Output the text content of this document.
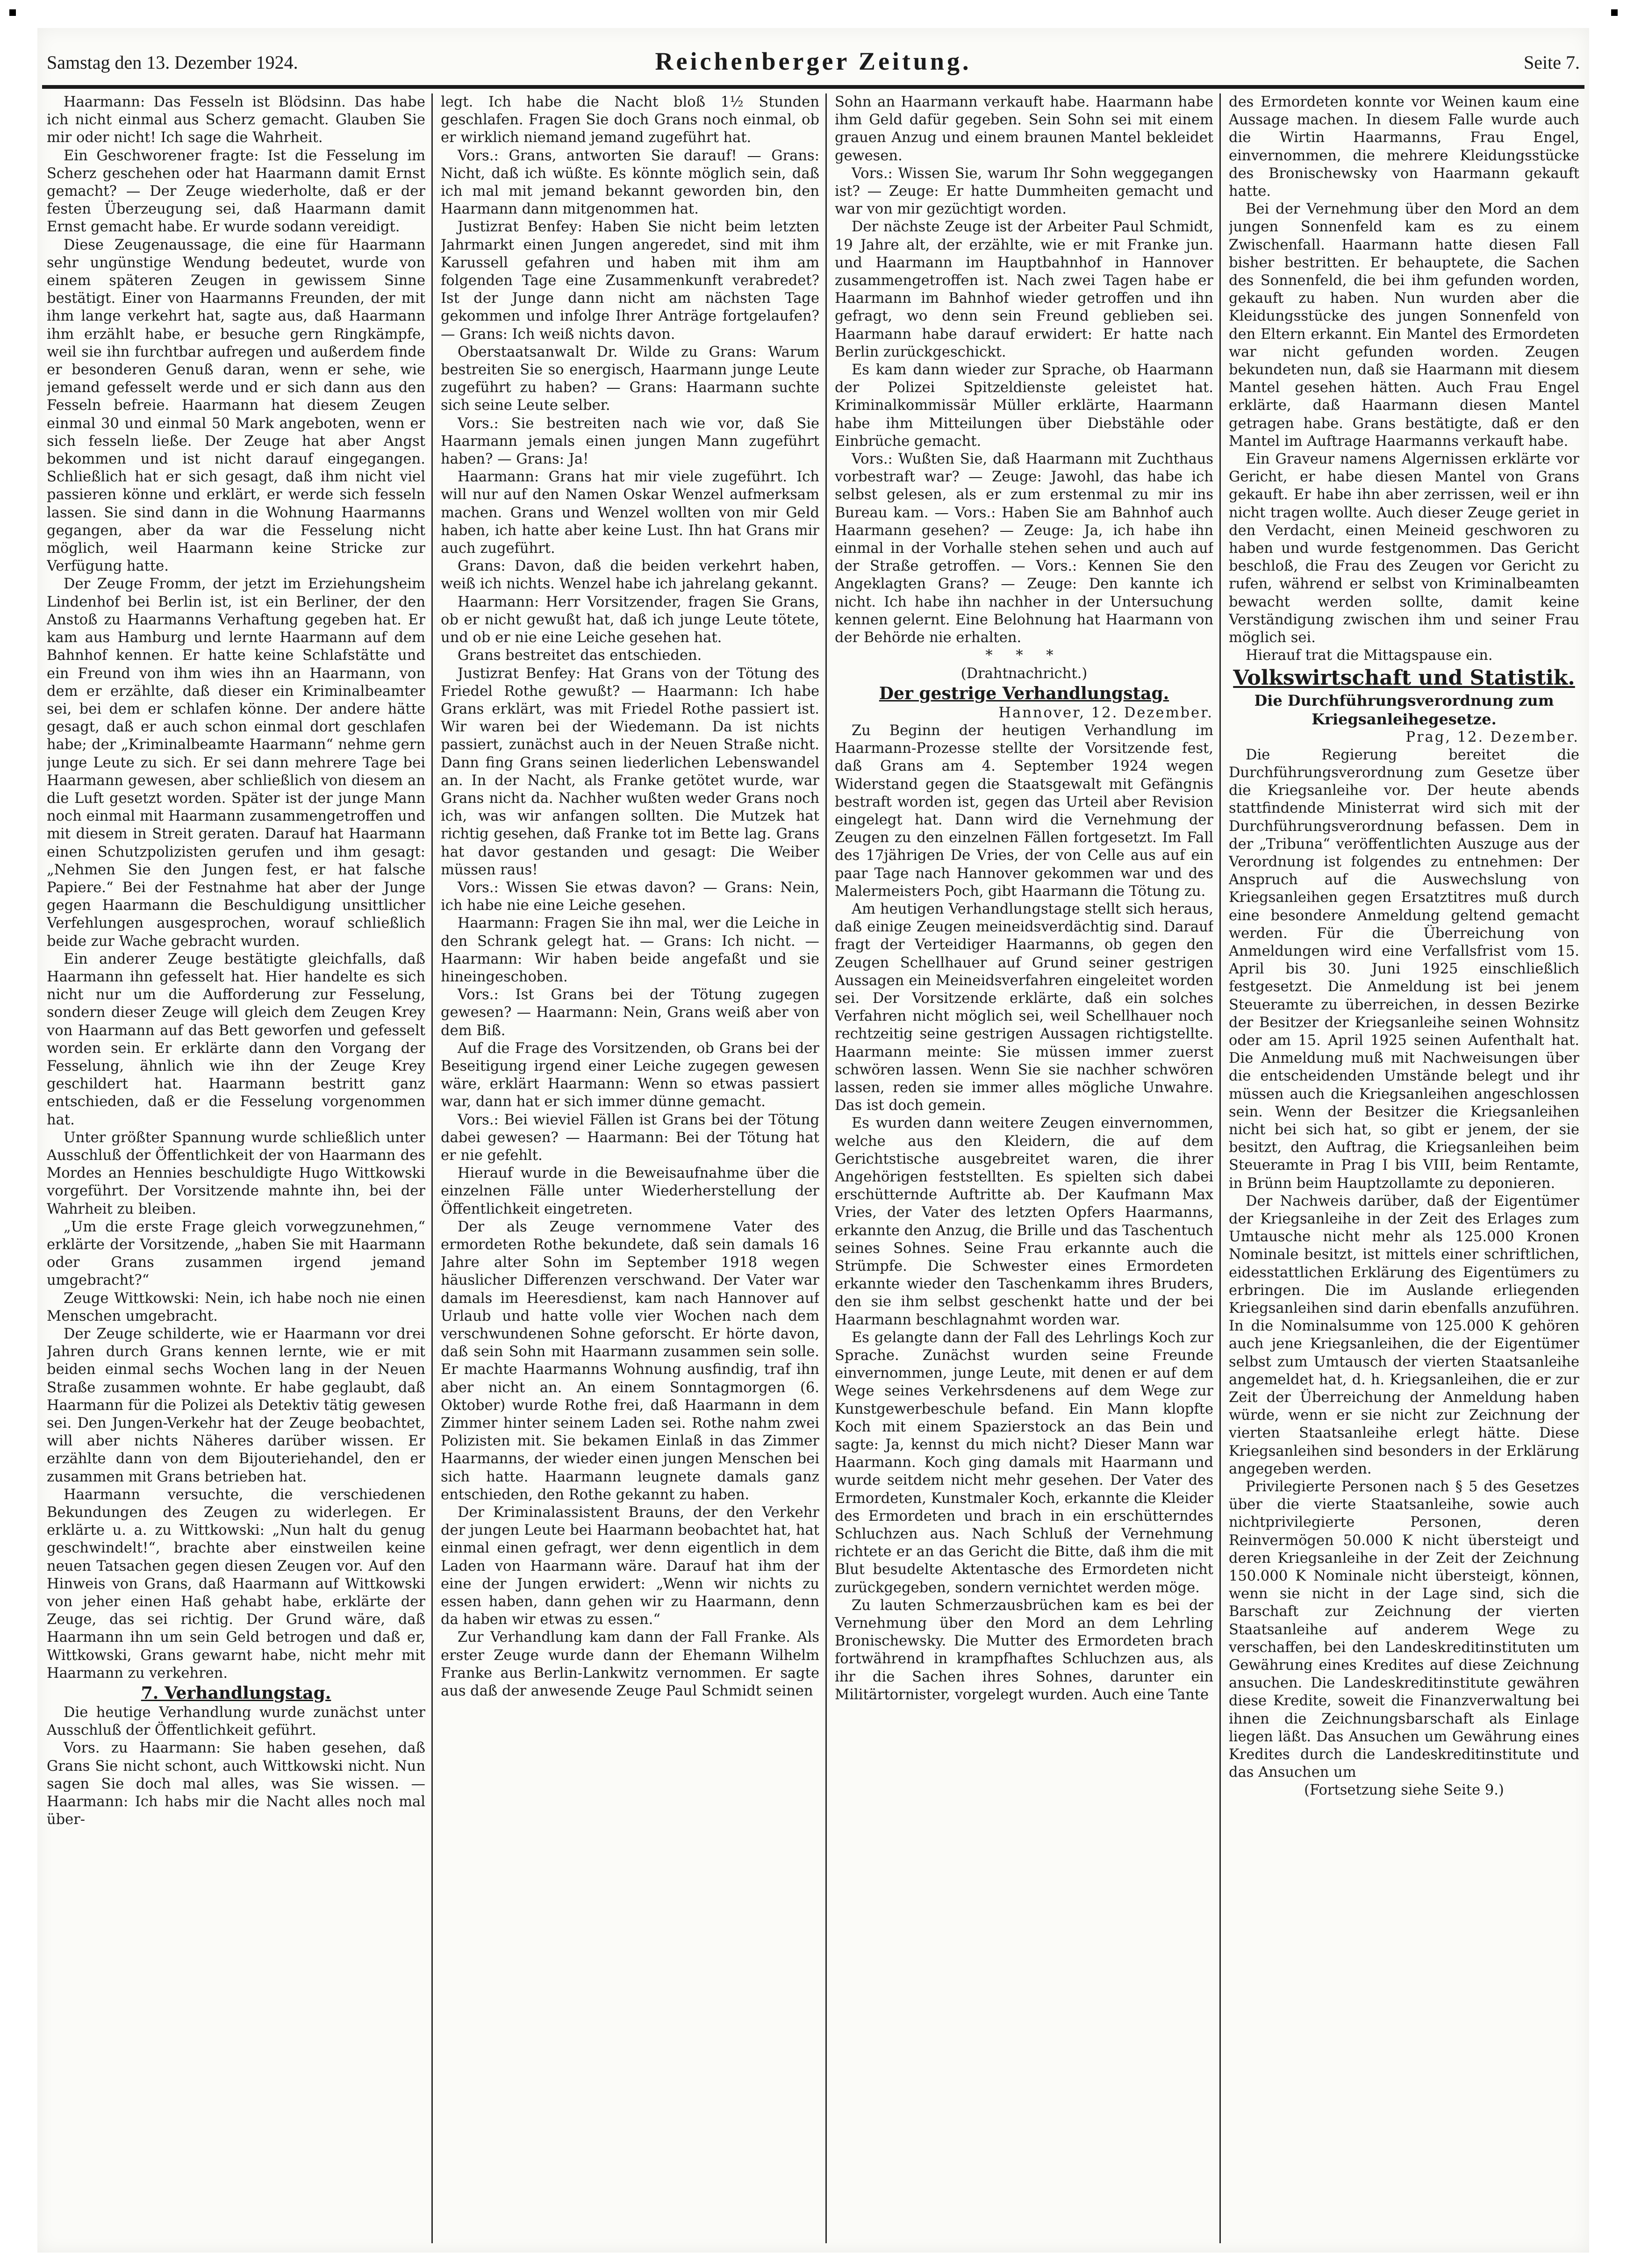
Samstag den 13. Dezember 1924.	Reichenberger Zeitung.	Seite 7.

Haarmann: Das Fesseln ist Blödsinn. Das habe ich nicht einmal aus Scherz gemacht. Glauben Sie mir oder nicht! Ich sage die Wahrheit.

Ein Geschworener fragte: Ist die Fesselung im Scherz geschehen oder hat Haarmann damit Ernst gemacht? — Der Zeuge wiederholte, daß er der festen Überzeugung sei, daß Haarmann damit Ernst gemacht habe. Er wurde sodann vereidigt.

Diese Zeugenaussage, die eine für Haarmann sehr ungünstige Wendung bedeutet, wurde von einem späteren Zeugen in gewissem Sinne bestätigt. Einer von Haarmanns Freunden, der mit ihm lange verkehrt hat, sagte aus, daß Haarmann ihm erzählt habe, er besuche gern Ringkämpfe, weil sie ihn furchtbar aufregen und außerdem finde er besonderen Genuß daran, wenn er sehe, wie jemand gefesselt werde und er sich dann aus den Fesseln befreie. Haarmann hat diesem Zeugen einmal 30 und einmal 50 Mark angeboten, wenn er sich fesseln ließe. Der Zeuge hat aber Angst bekommen und ist nicht darauf eingegangen. Schließlich hat er sich gesagt, daß ihm nicht viel passieren könne und erklärt, er werde sich fesseln lassen. Sie sind dann in die Wohnung Haarmanns gegangen, aber da war die Fesselung nicht möglich, weil Haarmann keine Stricke zur Verfügung hatte.

Der Zeuge Fromm, der jetzt im Erziehungsheim Lindenhof bei Berlin ist, ist ein Berliner, der den Anstoß zu Haarmanns Verhaftung gegeben hat. Er kam aus Hamburg und lernte Haarmann auf dem Bahnhof kennen. Er hatte keine Schlafstätte und ein Freund von ihm wies ihn an Haarmann, von dem er erzählte, daß dieser ein Kriminalbeamter sei, bei dem er schlafen könne. Der andere hätte gesagt, daß er auch schon einmal dort geschlafen habe; der „Kriminalbeamte Haarmann“ nehme gern junge Leute zu sich. Er sei dann mehrere Tage bei Haarmann gewesen, aber schließlich von diesem an die Luft gesetzt worden. Später ist der junge Mann noch einmal mit Haarmann zusammengetroffen und mit diesem in Streit geraten. Darauf hat Haarmann einen Schutzpolizisten gerufen und ihm gesagt: „Nehmen Sie den Jungen fest, er hat falsche Papiere.“ Bei der Festnahme hat aber der Junge gegen Haarmann die Beschuldigung unsittlicher Verfehlungen ausgesprochen, worauf schließlich beide zur Wache gebracht wurden.

Ein anderer Zeuge bestätigte gleichfalls, daß Haarmann ihn gefesselt hat. Hier handelte es sich nicht nur um die Aufforderung zur Fesselung, sondern dieser Zeuge will gleich dem Zeugen Krey von Haarmann auf das Bett geworfen und gefesselt worden sein. Er erklärte dann den Vorgang der Fesselung, ähnlich wie ihn der Zeuge Krey geschildert hat. Haarmann bestritt ganz entschieden, daß er die Fesselung vorgenommen hat.

Unter größter Spannung wurde schließlich unter Ausschluß der Öffentlichkeit der von Haarmann des Mordes an Hennies beschuldigte Hugo Wittkowski vorgeführt. Der Vorsitzende mahnte ihn, bei der Wahrheit zu bleiben.

„Um die erste Frage gleich vorwegzunehmen,“ erklärte der Vorsitzende, „haben Sie mit Haarmann oder Grans zusammen irgend jemand umgebracht?“

Zeuge Wittkowski: Nein, ich habe noch nie einen Menschen umgebracht.

Der Zeuge schilderte, wie er Haarmann vor drei Jahren durch Grans kennen lernte, wie er mit beiden einmal sechs Wochen lang in der Neuen Straße zusammen wohnte. Er habe geglaubt, daß Haarmann für die Polizei als Detektiv tätig gewesen sei. Den Jungen-Verkehr hat der Zeuge beobachtet, will aber nichts Näheres darüber wissen. Er erzählte dann von dem Bijouteriehandel, den er zusammen mit Grans betrieben hat.

Haarmann versuchte, die verschiedenen Bekundungen des Zeugen zu widerlegen. Er erklärte u. a. zu Wittkowski: „Nun halt du genug geschwindelt!“, brachte aber einstweilen keine neuen Tatsachen gegen diesen Zeugen vor. Auf den Hinweis von Grans, daß Haarmann auf Wittkowski von jeher einen Haß gehabt habe, erklärte der Zeuge, das sei richtig. Der Grund wäre, daß Haarmann ihn um sein Geld betrogen und daß er, Wittkowski, Grans gewarnt habe, nicht mehr mit Haarmann zu verkehren.

7. Verhandlungstag.

Die heutige Verhandlung wurde zunächst unter Ausschluß der Öffentlichkeit geführt.

Vors. zu Haarmann: Sie haben gesehen, daß Grans Sie nicht schont, auch Wittkowski nicht. Nun sagen Sie doch mal alles, was Sie wissen. — Haarmann: Ich habs mir die Nacht alles noch mal über-

legt. Ich habe die Nacht bloß 1½ Stunden geschlafen. Fragen Sie doch Grans noch einmal, ob er wirklich niemand jemand zugeführt hat.

Vors.: Grans, antworten Sie darauf! — Grans: Nicht, daß ich wüßte. Es könnte möglich sein, daß ich mal mit jemand bekannt geworden bin, den Haarmann dann mitgenommen hat.

Justizrat Benfey: Haben Sie nicht beim letzten Jahrmarkt einen Jungen angeredet, sind mit ihm Karussell gefahren und haben mit ihm am folgenden Tage eine Zusammenkunft verabredet? Ist der Junge dann nicht am nächsten Tage gekommen und infolge Ihrer Anträge fortgelaufen? — Grans: Ich weiß nichts davon.

Oberstaatsanwalt Dr. Wilde zu Grans: Warum bestreiten Sie so energisch, Haarmann junge Leute zugeführt zu haben? — Grans: Haarmann suchte sich seine Leute selber.

Vors.: Sie bestreiten nach wie vor, daß Sie Haarmann jemals einen jungen Mann zugeführt haben? — Grans: Ja!

Haarmann: Grans hat mir viele zugeführt. Ich will nur auf den Namen Oskar Wenzel aufmerksam machen. Grans und Wenzel wollten von mir Geld haben, ich hatte aber keine Lust. Ihn hat Grans mir auch zugeführt.

Grans: Davon, daß die beiden verkehrt haben, weiß ich nichts. Wenzel habe ich jahrelang gekannt.

Haarmann: Herr Vorsitzender, fragen Sie Grans, ob er nicht gewußt hat, daß ich junge Leute tötete, und ob er nie eine Leiche gesehen hat.

Grans bestreitet das entschieden.

Justizrat Benfey: Hat Grans von der Tötung des Friedel Rothe gewußt? — Haarmann: Ich habe Grans erklärt, was mit Friedel Rothe passiert ist. Wir waren bei der Wiedemann. Da ist nichts passiert, zunächst auch in der Neuen Straße nicht. Dann fing Grans seinen liederlichen Lebenswandel an. In der Nacht, als Franke getötet wurde, war Grans nicht da. Nachher wußten weder Grans noch ich, was wir anfangen sollten. Die Mutzek hat richtig gesehen, daß Franke tot im Bette lag. Grans hat davor gestanden und gesagt: Die Weiber müssen raus!

Vors.: Wissen Sie etwas davon? — Grans: Nein, ich habe nie eine Leiche gesehen.

Haarmann: Fragen Sie ihn mal, wer die Leiche in den Schrank gelegt hat. — Grans: Ich nicht. — Haarmann: Wir haben beide angefaßt und sie hineingeschoben.

Vors.: Ist Grans bei der Tötung zugegen gewesen? — Haarmann: Nein, Grans weiß aber von dem Biß.

Auf die Frage des Vorsitzenden, ob Grans bei der Beseitigung irgend einer Leiche zugegen gewesen wäre, erklärt Haarmann: Wenn so etwas passiert war, dann hat er sich immer dünne gemacht.

Vors.: Bei wieviel Fällen ist Grans bei der Tötung dabei gewesen? — Haarmann: Bei der Tötung hat er nie gefehlt.

Hierauf wurde in die Beweisaufnahme über die einzelnen Fälle unter Wiederherstellung der Öffentlichkeit eingetreten.

Der als Zeuge vernommene Vater des ermordeten Rothe bekundete, daß sein damals 16 Jahre alter Sohn im September 1918 wegen häuslicher Differenzen verschwand. Der Vater war damals im Heeresdienst, kam nach Hannover auf Urlaub und hatte volle vier Wochen nach dem verschwundenen Sohne geforscht. Er hörte davon, daß sein Sohn mit Haarmann zusammen sein solle. Er machte Haarmanns Wohnung ausfindig, traf ihn aber nicht an. An einem Sonntagmorgen (6. Oktober) wurde Rothe frei, daß Haarmann in dem Zimmer hinter seinem Laden sei. Rothe nahm zwei Polizisten mit. Sie bekamen Einlaß in das Zimmer Haarmanns, der wieder einen jungen Menschen bei sich hatte. Haarmann leugnete damals ganz entschieden, den Rothe gekannt zu haben.

Der Kriminalassistent Brauns, der den Verkehr der jungen Leute bei Haarmann beobachtet hat, hat einmal einen gefragt, wer denn eigentlich in dem Laden von Haarmann wäre. Darauf hat ihm der eine der Jungen erwidert: „Wenn wir nichts zu essen haben, dann gehen wir zu Haarmann, denn da haben wir etwas zu essen.“

Zur Verhandlung kam dann der Fall Franke. Als erster Zeuge wurde dann der Ehemann Wilhelm Franke aus Berlin-Lankwitz vernommen. Er sagte aus daß der anwesende Zeuge Paul Schmidt seinen

Sohn an Haarmann verkauft habe. Haarmann habe ihm Geld dafür gegeben. Sein Sohn sei mit einem grauen Anzug und einem braunen Mantel bekleidet gewesen.

Vors.: Wissen Sie, warum Ihr Sohn weggegangen ist? — Zeuge: Er hatte Dummheiten gemacht und war von mir gezüchtigt worden.

Der nächste Zeuge ist der Arbeiter Paul Schmidt, 19 Jahre alt, der erzählte, wie er mit Franke jun. und Haarmann im Hauptbahnhof in Hannover zusammengetroffen ist. Nach zwei Tagen habe er Haarmann im Bahnhof wieder getroffen und ihn gefragt, wo denn sein Freund geblieben sei. Haarmann habe darauf erwidert: Er hatte nach Berlin zurückgeschickt.

Es kam dann wieder zur Sprache, ob Haarmann der Polizei Spitzeldienste geleistet hat. Kriminalkommissär Müller erklärte, Haarmann habe ihm Mitteilungen über Diebstähle oder Einbrüche gemacht.

Vors.: Wußten Sie, daß Haarmann mit Zuchthaus vorbestraft war? — Zeuge: Jawohl, das habe ich selbst gelesen, als er zum erstenmal zu mir ins Bureau kam. — Vors.: Haben Sie am Bahnhof auch Haarmann gesehen? — Zeuge: Ja, ich habe ihn einmal in der Vorhalle stehen sehen und auch auf der Straße getroffen. — Vors.: Kennen Sie den Angeklagten Grans? — Zeuge: Den kannte ich nicht. Ich habe ihn nachher in der Untersuchung kennen gelernt. Eine Belohnung hat Haarmann von der Behörde nie erhalten.

* * *

(Drahtnachricht.)

Der gestrige Verhandlungstag.

Hannover, 12. Dezember.

Zu Beginn der heutigen Verhandlung im Haarmann-Prozesse stellte der Vorsitzende fest, daß Grans am 4. September 1924 wegen Widerstand gegen die Staatsgewalt mit Gefängnis bestraft worden ist, gegen das Urteil aber Revision eingelegt hat. Dann wird die Vernehmung der Zeugen zu den einzelnen Fällen fortgesetzt. Im Fall des 17jährigen De Vries, der von Celle aus auf ein paar Tage nach Hannover gekommen war und des Malermeisters Poch, gibt Haarmann die Tötung zu.

Am heutigen Verhandlungstage stellt sich heraus, daß einige Zeugen meineidsverdächtig sind. Darauf fragt der Verteidiger Haarmanns, ob gegen den Zeugen Schellhauer auf Grund seiner gestrigen Aussagen ein Meineidsverfahren eingeleitet worden sei. Der Vorsitzende erklärte, daß ein solches Verfahren nicht möglich sei, weil Schellhauer noch rechtzeitig seine gestrigen Aussagen richtigstellte. Haarmann meinte: Sie müssen immer zuerst schwören lassen. Wenn Sie sie nachher schwören lassen, reden sie immer alles mögliche Unwahre. Das ist doch gemein.

Es wurden dann weitere Zeugen einvernommen, welche aus den Kleidern, die auf dem Gerichtstische ausgebreitet waren, die ihrer Angehörigen feststellten. Es spielten sich dabei erschütternde Auftritte ab. Der Kaufmann Max Vries, der Vater des letzten Opfers Haarmanns, erkannte den Anzug, die Brille und das Taschentuch seines Sohnes. Seine Frau erkannte auch die Strümpfe. Die Schwester eines Ermordeten erkannte wieder den Taschenkamm ihres Bruders, den sie ihm selbst geschenkt hatte und der bei Haarmann beschlagnahmt worden war.

Es gelangte dann der Fall des Lehrlings Koch zur Sprache. Zunächst wurden seine Freunde einvernommen, junge Leute, mit denen er auf dem Wege seines Verkehrsdenens auf dem Wege zur Kunstgewerbeschule befand. Ein Mann klopfte Koch mit einem Spazierstock an das Bein und sagte: Ja, kennst du mich nicht? Dieser Mann war Haarmann. Koch ging damals mit Haarmann und wurde seitdem nicht mehr gesehen. Der Vater des Ermordeten, Kunstmaler Koch, erkannte die Kleider des Ermordeten und brach in ein erschütterndes Schluchzen aus. Nach Schluß der Vernehmung richtete er an das Gericht die Bitte, daß ihm die mit Blut besudelte Aktentasche des Ermordeten nicht zurückgegeben, sondern vernichtet werden möge.

Zu lauten Schmerzausbrüchen kam es bei der Vernehmung über den Mord an dem Lehrling Bronischewsky. Die Mutter des Ermordeten brach fortwährend in krampfhaftes Schluchzen aus, als ihr die Sachen ihres Sohnes, darunter ein Militärtornister, vorgelegt wurden. Auch eine Tante

des Ermordeten konnte vor Weinen kaum eine Aussage machen. In diesem Falle wurde auch die Wirtin Haarmanns, Frau Engel, einvernommen, die mehrere Kleidungsstücke des Bronischewsky von Haarmann gekauft hatte.

Bei der Vernehmung über den Mord an dem jungen Sonnenfeld kam es zu einem Zwischenfall. Haarmann hatte diesen Fall bisher bestritten. Er behauptete, die Sachen des Sonnenfeld, die bei ihm gefunden worden, gekauft zu haben. Nun wurden aber die Kleidungsstücke des jungen Sonnenfeld von den Eltern erkannt. Ein Mantel des Ermordeten war nicht gefunden worden. Zeugen bekundeten nun, daß sie Haarmann mit diesem Mantel gesehen hätten. Auch Frau Engel erklärte, daß Haarmann diesen Mantel getragen habe. Grans bestätigte, daß er den Mantel im Auftrage Haarmanns verkauft habe.

Ein Graveur namens Algernissen erklärte vor Gericht, er habe diesen Mantel von Grans gekauft. Er habe ihn aber zerrissen, weil er ihn nicht tragen wollte. Auch dieser Zeuge geriet in den Verdacht, einen Meineid geschworen zu haben und wurde festgenommen. Das Gericht beschloß, die Frau des Zeugen vor Gericht zu rufen, während er selbst von Kriminalbeamten bewacht werden sollte, damit keine Verständigung zwischen ihm und seiner Frau möglich sei.

Hierauf trat die Mittagspause ein.

Volkswirtschaft und Statistik.

Die Durchführungsverordnung zum Kriegsanleihegesetze.

Prag, 12. Dezember.

Die Regierung bereitet die Durchführungsverordnung zum Gesetze über die Kriegsanleihe vor. Der heute abends stattfindende Ministerrat wird sich mit der Durchführungsverordnung befassen. Dem in der „Tribuna“ veröffentlichten Auszuge aus der Verordnung ist folgendes zu entnehmen: Der Anspruch auf die Auswechslung von Kriegsanleihen gegen Ersatztitres muß durch eine besondere Anmeldung geltend gemacht werden. Für die Überreichung von Anmeldungen wird eine Verfallsfrist vom 15. April bis 30. Juni 1925 einschließlich festgesetzt. Die Anmeldung ist bei jenem Steueramte zu überreichen, in dessen Bezirke der Besitzer der Kriegsanleihe seinen Wohnsitz oder am 15. April 1925 seinen Aufenthalt hat. Die Anmeldung muß mit Nachweisungen über die entscheidenden Umstände belegt und ihr müssen auch die Kriegsanleihen angeschlossen sein. Wenn der Besitzer die Kriegsanleihen nicht bei sich hat, so gibt er jenem, der sie besitzt, den Auftrag, die Kriegsanleihen beim Steueramte in Prag I bis VIII, beim Rentamte, in Brünn beim Hauptzollamte zu deponieren.

Der Nachweis darüber, daß der Eigentümer der Kriegsanleihe in der Zeit des Erlages zum Umtausche nicht mehr als 125.000 Kronen Nominale besitzt, ist mittels einer schriftlichen, eidesstattlichen Erklärung des Eigentümers zu erbringen. Die im Auslande erliegenden Kriegsanleihen sind darin ebenfalls anzuführen. In die Nominalsumme von 125.000 K gehören auch jene Kriegsanleihen, die der Eigentümer selbst zum Umtausch der vierten Staatsanleihe angemeldet hat, d. h. Kriegsanleihen, die er zur Zeit der Überreichung der Anmeldung haben würde, wenn er sie nicht zur Zeichnung der vierten Staatsanleihe erlegt hätte. Diese Kriegsanleihen sind besonders in der Erklärung angegeben werden.

Privilegierte Personen nach § 5 des Gesetzes über die vierte Staatsanleihe, sowie auch nichtprivilegierte Personen, deren Reinvermögen 50.000 K nicht übersteigt und deren Kriegsanleihe in der Zeit der Zeichnung 150.000 K Nominale nicht übersteigt, können, wenn sie nicht in der Lage sind, sich die Barschaft zur Zeichnung der vierten Staatsanleihe auf anderem Wege zu verschaffen, bei den Landeskreditinstituten um Gewährung eines Kredites auf diese Zeichnung ansuchen. Die Landeskreditinstitute gewähren diese Kredite, soweit die Finanzverwaltung bei ihnen die Zeichnungsbarschaft als Einlage liegen läßt. Das Ansuchen um Gewährung eines Kredites durch die Landeskreditinstitute und das Ansuchen um

(Fortsetzung siehe Seite 9.)
